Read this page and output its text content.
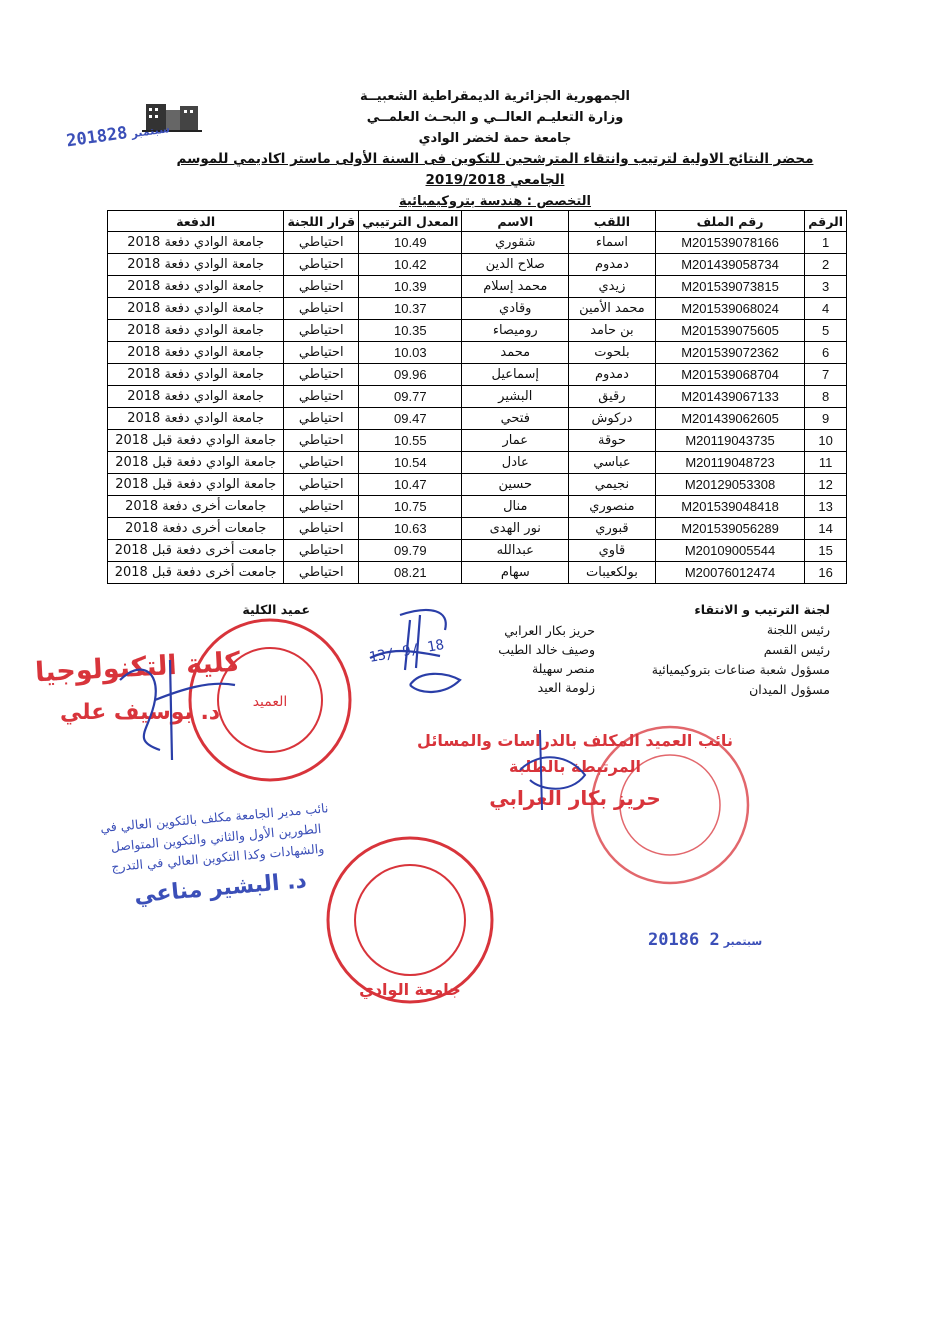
2018 سبتمبر28
الجمهورية الجزائرية الديمقراطية الشعبيــة
وزارة التعليـم العالــي و البحـث العلمــي
جامعة حمة لخضر الوادي
محضر النتائج الاولية لترتيب وانتقاء المترشحين للتكوين فى السنة الأولى ماستر اكاديمي للموسم الجامعي 2019/2018
التخصص : هندسة بتروكيميائية
الرقم	رقم الملف	اللقب	الاسم	المعدل الترتيبي	قرار اللجنة	الدفعة
1	M201539078166	اسماء	شقوري	10.49	احتياطي	جامعة الوادي دفعة 2018
2	M201439058734	دمدوم	صلاح الدين	10.42	احتياطي	جامعة الوادي دفعة 2018
3	M201539073815	زيدي	محمد إسلام	10.39	احتياطي	جامعة الوادي دفعة 2018
4	M201539068024	محمد الأمين	وقادي	10.37	احتياطي	جامعة الوادي دفعة 2018
5	M201539075605	بن حامد	روميصاء	10.35	احتياطي	جامعة الوادي دفعة 2018
6	M201539072362	بلحوت	محمد	10.03	احتياطي	جامعة الوادي دفعة 2018
7	M201539068704	دمدوم	إسماعيل	09.96	احتياطي	جامعة الوادي دفعة 2018
8	M201439067133	رقيق	البشير	09.77	احتياطي	جامعة الوادي دفعة 2018
9	M201439062605	دركوش	فتحي	09.47	احتياطي	جامعة الوادي دفعة 2018
10	M20119043735	حوقة	عمار	10.55	احتياطي	جامعة الوادي دفعة قبل 2018
11	M20119048723	عباسي	عادل	10.54	احتياطي	جامعة الوادي دفعة قبل 2018
12	M20129053308	نجيمي	حسين	10.47	احتياطي	جامعة الوادي دفعة قبل 2018
13	M201539048418	منصوري	منال	10.75	احتياطي	جامعات أخرى دفعة 2018
14	M201539056289	قبوري	نور الهدى	10.63	احتياطي	جامعات أخرى دفعة 2018
15	M20109005544	قاوي	عبدالله	09.79	احتياطي	جامعت أخرى دفعة قبل 2018
16	M20076012474	بولكعيبات	سهام	08.21	احتياطي	جامعت أخرى دفعة قبل 2018
لجنة الترتيب و الانتقاء
رئيس اللجنة
رئيس القسم
مسؤول شعبة صناعات بتروكيميائية
مسؤول الميدان
حريز بكار العرابي
وصيف خالد الطيب
منصر سهيلة
زلومة العيد
عميد الكلية
13/ 9/ 18
العميد
كلية التكنولوجيا
د. بوسيف علي
نائب العميد المكلف بالدراسات والمسائل المرتبطة بالطلبة
حريز بكار العرابي
نائب مدير الجامعة مكلف بالتكوين العالي في الطورين الأول والثاني والتكوين المتواصل والشهادات وكذا التكوين العالي في التدرج
د. البشير مناعي
جامعة الوادي
2018	سبتمبر2 6
